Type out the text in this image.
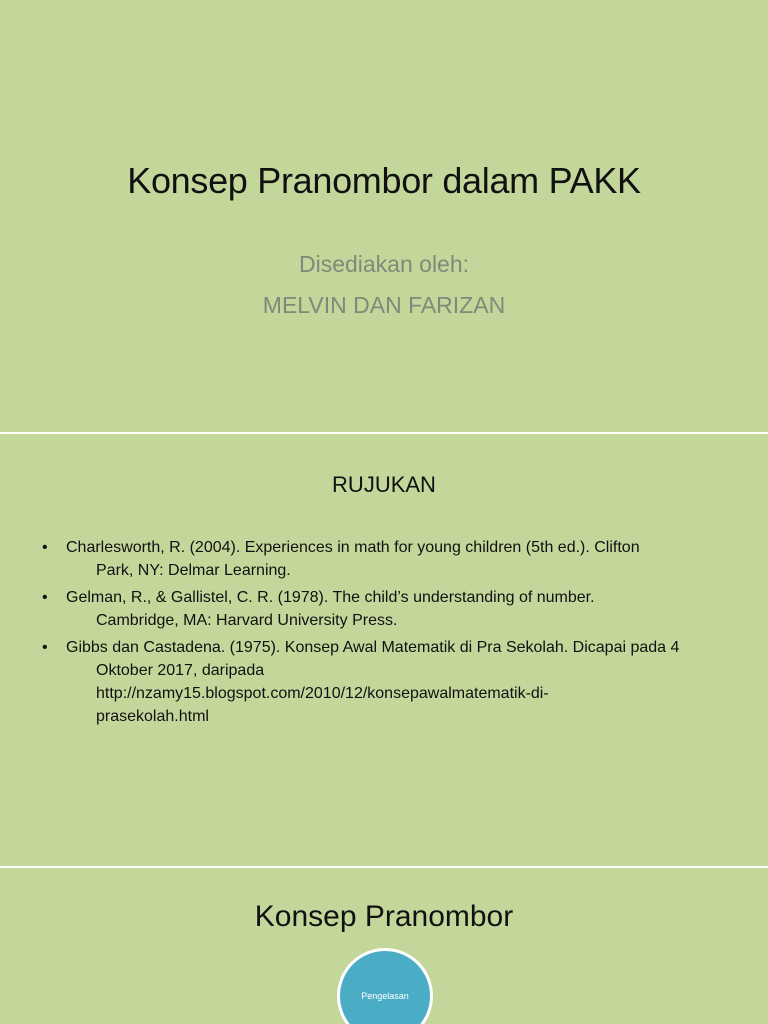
Konsep Pranombor dalam PAKK
Disediakan oleh:
MELVIN DAN FARIZAN
RUJUKAN
•	Charlesworth, R. (2004). Experiences in math for young children (5th ed.). Clifton
Park, NY: Delmar Learning.
•	Gelman, R., & Gallistel, C. R. (1978). The child’s understanding of number.
Cambridge, MA: Harvard University Press.
•	Gibbs dan Castadena. (1975). Konsep Awal Matematik di Pra Sekolah. Dicapai pada 4
Oktober 2017, daripada
http://nzamy15.blogspot.com/2010/12/konsepawalmatematik-di-
prasekolah.html
Konsep Pranombor
Pengelasan
